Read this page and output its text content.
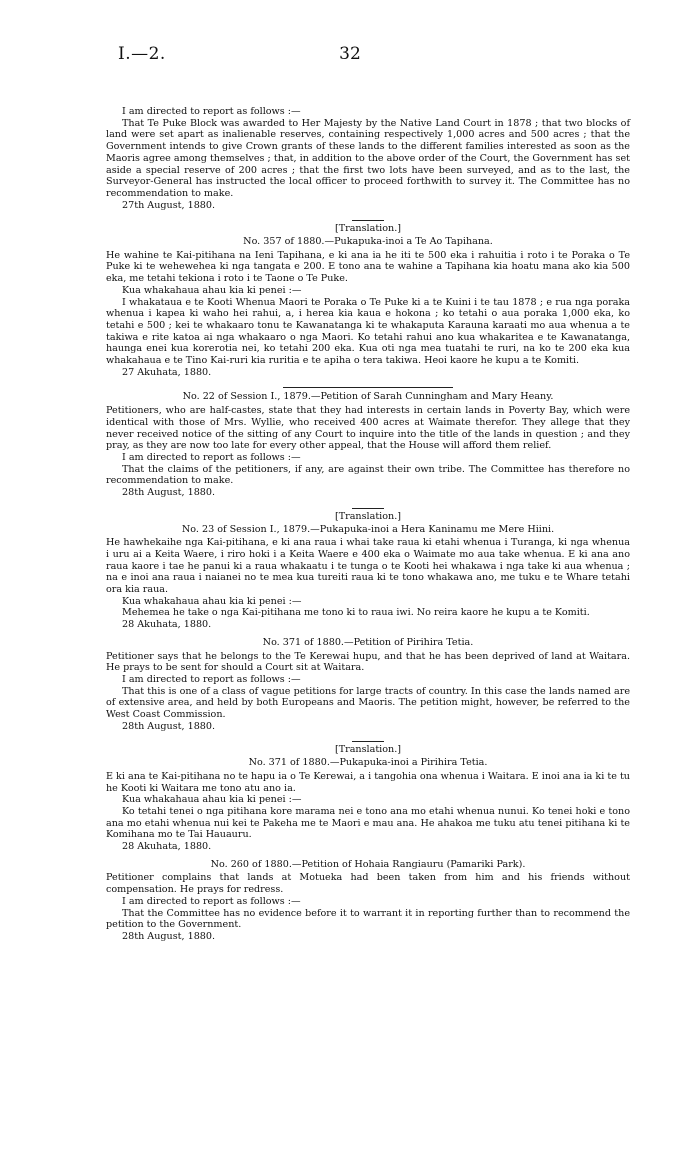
I.—2.	32

I am directed to report as follows :—

That Te Puke Block was awarded to Her Majesty by the Native Land Court in 1878 ; that two blocks of land were set apart as inalienable reserves, containing respectively 1,000 acres and 500 acres ; that the Government intends to give Crown grants of these lands to the different families interested as soon as the Maoris agree among themselves ; that, in addition to the above order of the Court, the Government has set aside a special reserve of 200 acres ; that the first two lots have been surveyed, and as to the last, the Surveyor-General has instructed the local officer to proceed forthwith to survey it. The Committee has no recommendation to make.

27th August, 1880.

[Translation.]

No. 357 of 1880.—Pukapuka-inoi a Te Ao Tapihana.

He wahine te Kai-pitihana na Ieni Tapihana, e ki ana ia he iti te 500 eka i rahuitia i roto i te Poraka o Te Puke ki te wehewehea ki nga tangata e 200. E tono ana te wahine a Tapihana kia hoatu mana ako kia 500 eka, me tetahi tekiona i roto i te Taone o Te Puke.

Kua whakahaua ahau kia ki penei :—

I whakataua e te Kooti Whenua Maori te Poraka o Te Puke ki a te Kuini i te tau 1878 ; e rua nga poraka whenua i kapea ki waho hei rahui, a, i herea kia kaua e hokona ; ko tetahi o aua poraka 1,000 eka, ko tetahi e 500 ; kei te whakaaro tonu te Kawanatanga ki te whakaputa Karauna karaati mo aua whenua a te takiwa e rite katoa ai nga whakaaro o nga Maori. Ko tetahi rahui ano kua whakaritea e te Kawanatanga, haunga enei kua korerotia nei, ko tetahi 200 eka. Kua oti nga mea tuatahi te ruri, na ko te 200 eka kua whakahaua e te Tino Kai-ruri kia ruritia e te apiha o tera takiwa. Heoi kaore he kupu a te Komiti.

27 Akuhata, 1880.

No. 22 of Session I., 1879.—Petition of Sarah Cunningham and Mary Heany.

Petitioners, who are half-castes, state that they had interests in certain lands in Poverty Bay, which were identical with those of Mrs. Wyllie, who received 400 acres at Waimate therefor. They allege that they never received notice of the sitting of any Court to inquire into the title of the lands in question ; and they pray, as they are now too late for every other appeal, that the House will afford them relief.

I am directed to report as follows :—

That the claims of the petitioners, if any, are against their own tribe. The Committee has therefore no recommendation to make.

28th August, 1880.

[Translation.]

No. 23 of Session I., 1879.—Pukapuka-inoi a Hera Kaninamu me Mere Hiini.

He hawhekaihe nga Kai-pitihana, e ki ana raua i whai take raua ki etahi whenua i Turanga, ki nga whenua i uru ai a Keita Waere, i riro hoki i a Keita Waere e 400 eka o Waimate mo aua take whenua. E ki ana ano raua kaore i tae he panui ki a raua whakaatu i te tunga o te Kooti hei whakawa i nga take ki aua whenua ; na e inoi ana raua i naianei no te mea kua tureiti raua ki te tono whakawa ano, me tuku e te Whare tetahi ora kia raua.

Kua whakahaua ahau kia ki penei :—

Mehemea he take o nga Kai-pitihana me tono ki to raua iwi. No reira kaore he kupu a te Komiti.

28 Akuhata, 1880.

No. 371 of 1880.—Petition of Pirihira Tetia.

Petitioner says that he belongs to the Te Kerewai hupu, and that he has been deprived of land at Waitara. He prays to be sent for should a Court sit at Waitara.

I am directed to report as follows :—

That this is one of a class of vague petitions for large tracts of country. In this case the lands named are of extensive area, and held by both Europeans and Maoris. The petition might, however, be referred to the West Coast Commission.

28th August, 1880.

[Translation.]

No. 371 of 1880.—Pukapuka-inoi a Pirihira Tetia.

E ki ana te Kai-pitihana no te hapu ia o Te Kerewai, a i tangohia ona whenua i Waitara. E inoi ana ia ki te tu he Kooti ki Waitara me tono atu ano ia.

Kua whakahaua ahau kia ki penei :—

Ko tetahi tenei o nga pitihana kore marama nei e tono ana mo etahi whenua nunui. Ko tenei hoki e tono ana mo etahi whenua nui kei te Pakeha me te Maori e mau ana. He ahakoa me tuku atu tenei pitihana ki te Komihana mo te Tai Hauauru.

28 Akuhata, 1880.

No. 260 of 1880.—Petition of Hohaia Rangiauru (Pamariki Park).

Petitioner complains that lands at Motueka had been taken from him and his friends without compensation. He prays for redress.

I am directed to report as follows :—

That the Committee has no evidence before it to warrant it in reporting further than to recommend the petition to the Government.

28th August, 1880.
